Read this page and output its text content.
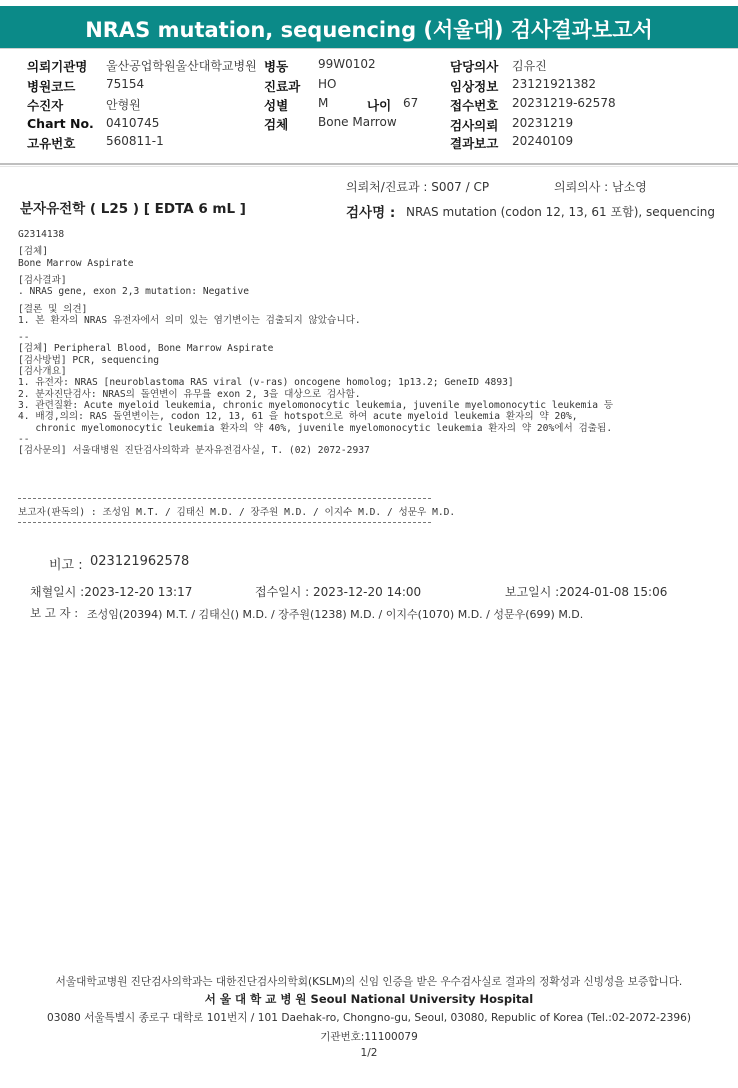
NRAS mutation, sequencing (서울대) 검사결과보고서
의뢰기관명 울산공업학원울산대학교병원
병원코드	75154
수진자	안형원
Chart No. 0410745
고유번호	560811-1
병동 99W0102
진료과 HO
성별 M	나이 67
검체 Bone Marrow
담당의사 김유진
임상정보 23121921382
접수번호 20231219-62578
검사의뢰 20231219
결과보고 20240109
의뢰처/진료과 : S007 / CP	의뢰의사 : 남소영
분자유전학 ( L25 ) [ EDTA 6 mL ]	검사명 : NRAS mutation (codon 12, 13, 61 포함), sequencing
G2314138
[검체]
Bone Marrow Aspirate
[검사결과]
. NRAS gene, exon 2,3 mutation: Negative
[결론 및 의견]
1. 본 환자의 NRAS 유전자에서 의미 있는 염기변이는 검출되지 않았습니다.
--
[검체] Peripheral Blood, Bone Marrow Aspirate
[검사방법] PCR, sequencing
[검사개요]
1. 유전자: NRAS [neuroblastoma RAS viral (v-ras) oncogene homolog; 1p13.2; GeneID 4893]
2. 분자진단검사: NRAS의 돌연변이 유무를 exon 2, 3을 대상으로 검사함.
3. 관련질환: Acute myeloid leukemia, chronic myelomonocytic leukemia, juvenile myelomonocytic leukemia 등
4. 배경,의의: RAS 돌연변이는, codon 12, 13, 61 을 hotspot으로 하여 acute myeloid leukemia 환자의 약 20%,
chronic myelomonocytic leukemia 환자의 약 40%, juvenile myelomonocytic leukemia 환자의 약 20%에서 검출됨.
--
[검사문의] 서울대병원 진단검사의학과 분자유전검사실, T. (02) 2072-2937
보고자(판독의) : 조성임 M.T. / 김태신 M.D. / 장주원 M.D. / 이지수 M.D. / 성문우 M.D.
비고 : 023121962578
채혈일시 :2023-12-20 13:17	접수일시 : 2023-12-20 14:00	보고일시 :2024-01-08 15:06
보 고 자 : 조성임(20394) M.T. / 김태신() M.D. / 장주원(1238) M.D. / 이지수(1070) M.D. / 성문우(699) M.D.
서울대학교병원 진단검사의학과는 대한진단검사의학회(KSLM)의 신임 인증을 받은 우수검사실로 결과의 정확성과 신빙성을 보증합니다.
서 울 대 학 교 병 원 Seoul National University Hospital
03080 서울특별시 종로구 대학로 101번지 / 101 Daehak-ro, Chongno-gu, Seoul, 03080, Republic of Korea (Tel.:02-2072-2396)
기관번호:11100079
1/2
